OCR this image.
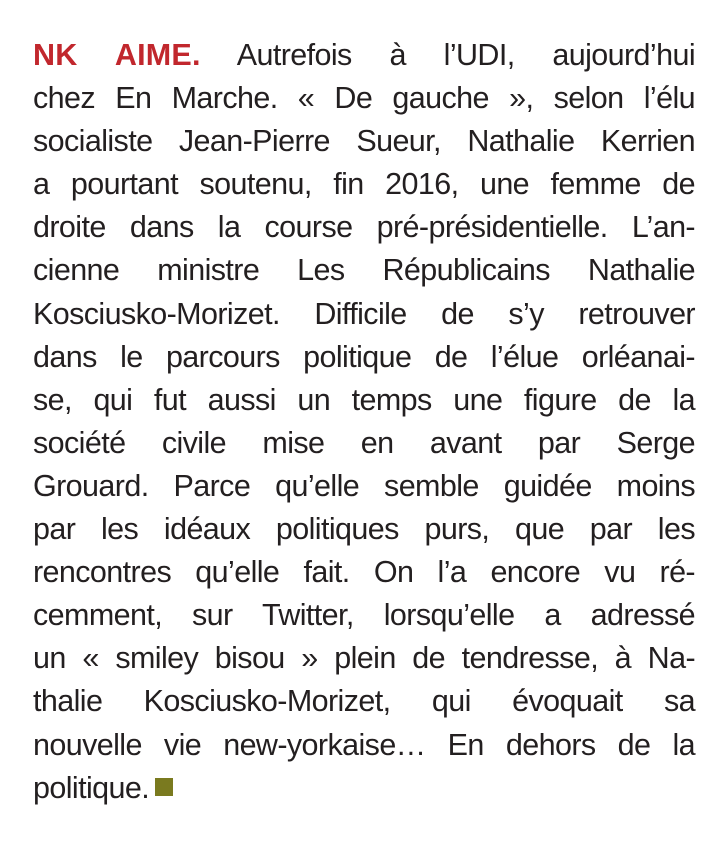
NK AIME. Autrefois à l’UDI, aujourd’hui
chez En Marche. « De gauche », selon l’élu
socialiste Jean-Pierre Sueur, Nathalie Kerrien
a pourtant soutenu, fin 2016, une femme de
droite dans la course pré-présidentielle. L’an-
cienne ministre Les Républicains Nathalie
Kosciusko-Morizet. Difficile de s’y retrouver
dans le parcours politique de l’élue orléanai-
se, qui fut aussi un temps une figure de la
société civile mise en avant par Serge
Grouard. Parce qu’elle semble guidée moins
par les idéaux politiques purs, que par les
rencontres qu’elle fait. On l’a encore vu ré-
cemment, sur Twitter, lorsqu’elle a adressé
un « smiley bisou » plein de tendresse, à Na-
thalie Kosciusko-Morizet, qui évoquait sa
nouvelle vie new-yorkaise… En dehors de la
politique.
